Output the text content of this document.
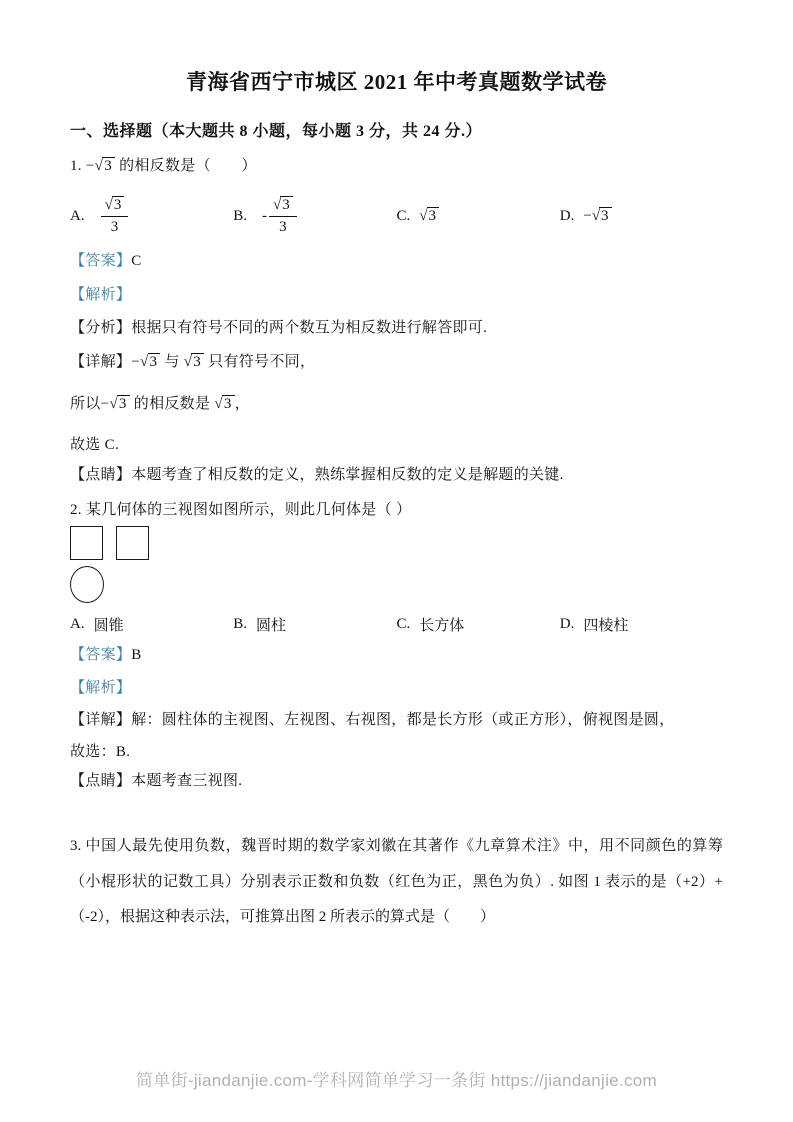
青海省西宁市城区 2021 年中考真题数学试卷
一、选择题（本大题共 8 小题，每小题 3 分，共 24 分.）

1. −√3 的相反数是（　　）

A. $\frac{√3}{3}$	B. - $\frac{√3}{3}$	C. √3	D. − √3

【答案】C

【解析】

【分析】根据只有符号不同的两个数互为相反数进行解答即可.

【详解】−√3 与 √3 只有符号不同，

所以−√3 的相反数是 √3 ，

故选 C.

【点睛】本题考查了相反数的定义，熟练掌握相反数的定义是解题的关键.

2. 某几何体的三视图如图所示，则此几何体是（ ）

A. 圆锥	B. 圆柱	C. 长方体	D. 四棱柱

【答案】B

【解析】

【详解】解：圆柱体的主视图、左视图、右视图，都是长方形（或正方形），俯视图是圆，

故选：B.

【点睛】本题考查三视图.

3. 中国人最先使用负数，魏晋时期的数学家刘徽在其著作《九章算术注》中，用不同颜色的算筹（小棍形状的记数工具）分别表示正数和负数（红色为正，黑色为负）. 如图 1 表示的是（+2）+（-2），根据这种表示法，可推算出图 2 所表示的算式是（　　）

简单街-jiandanjie.com-学科网简单学习一条街 https://jiandanjie.com
